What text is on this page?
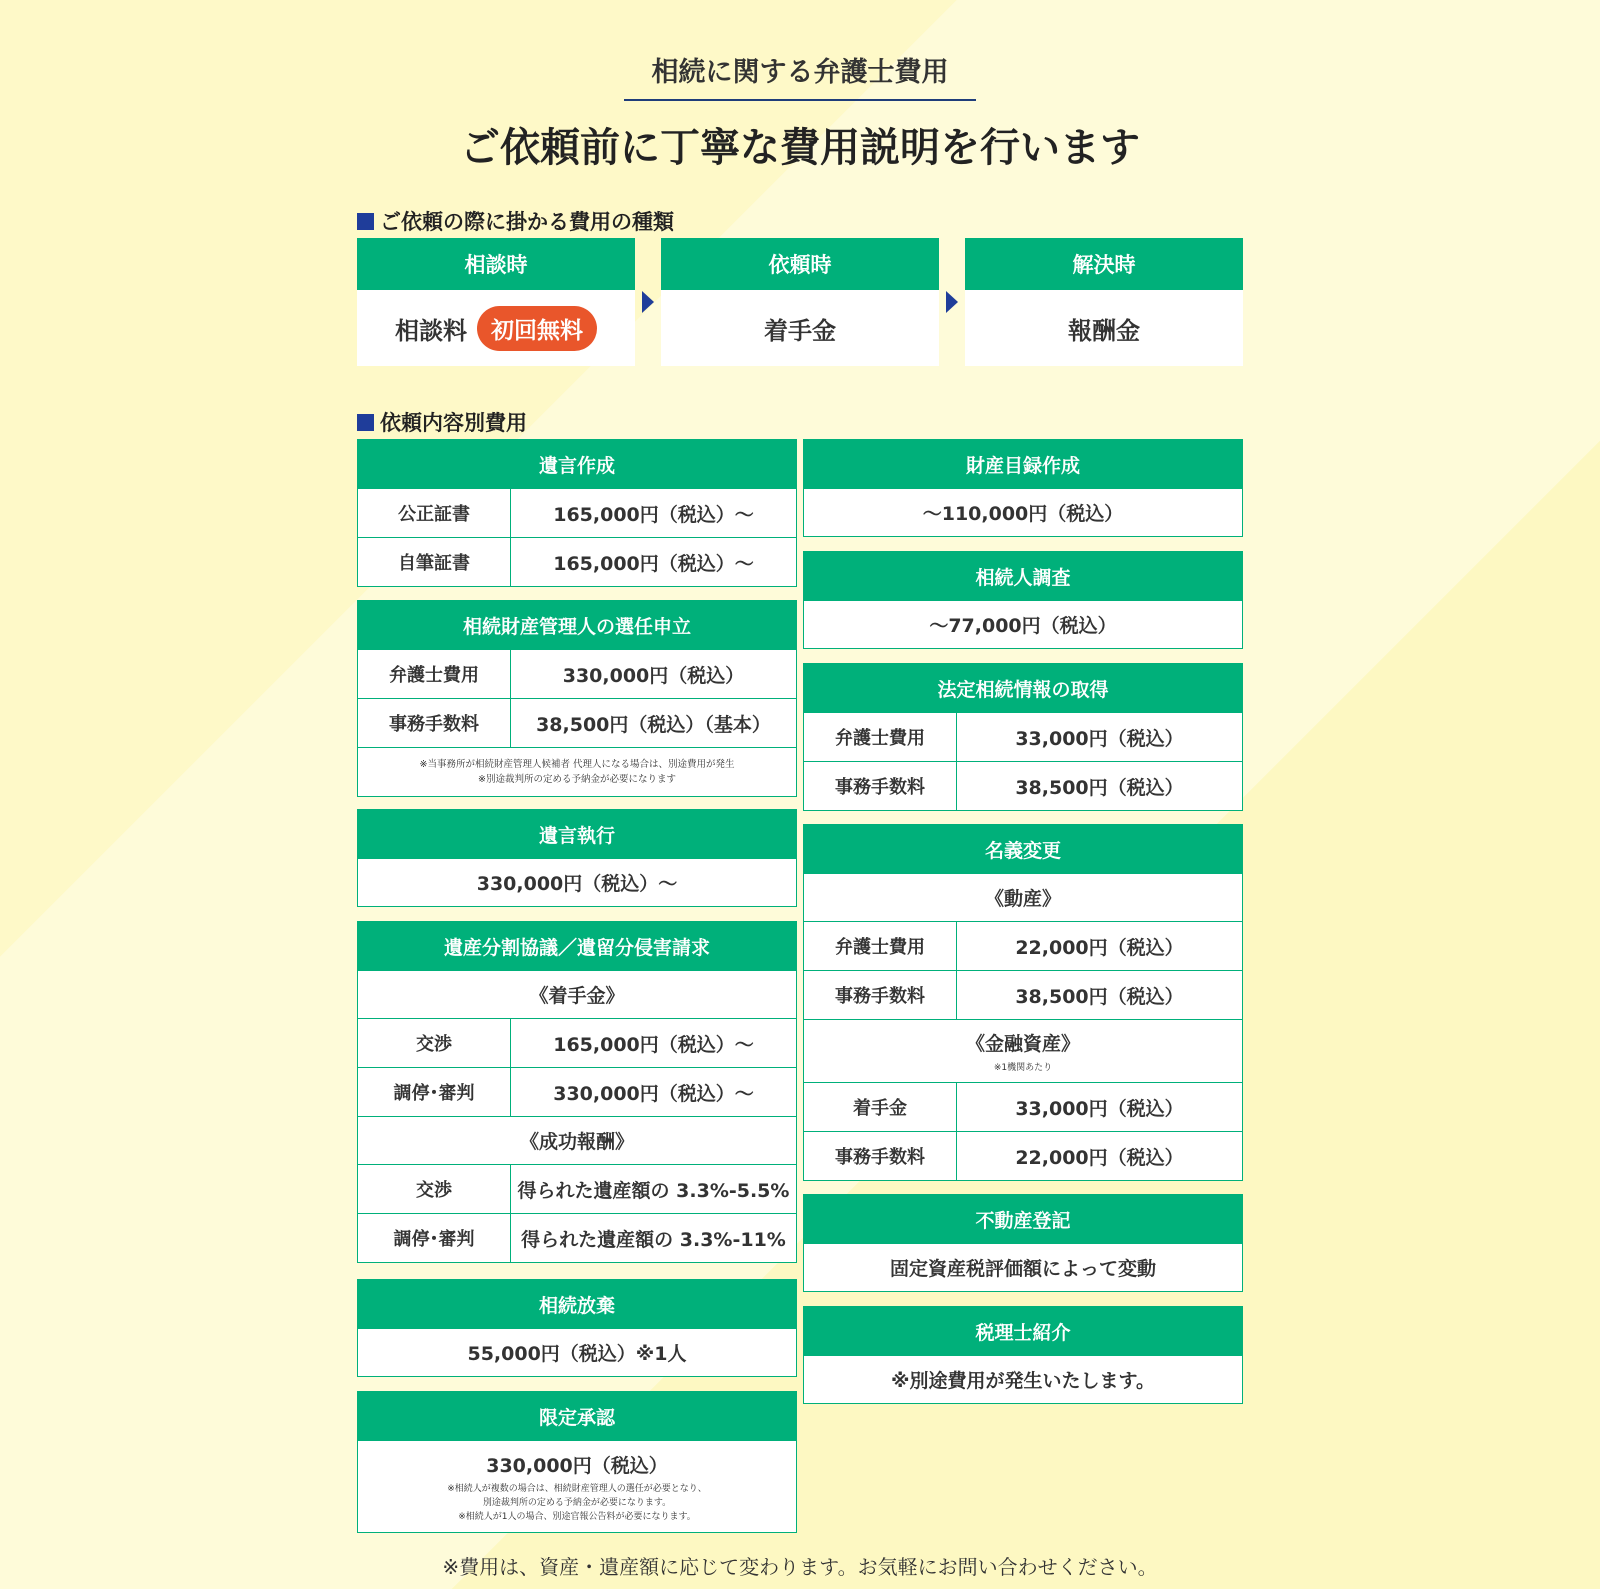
相続に関する弁護士費用
ご依頼前に丁寧な費用説明を行います
ご依頼の際に掛かる費用の種類
相談時
相談料	初回無料
依頼時
着手金
解決時
報酬金
依頼内容別費用
遺言作成
公正証書	165,000円（税込）～
自筆証書	165,000円（税込）～
相続財産管理人の選任申立
弁護士費用	330,000円（税込）
事務手数料	38,500円（税込）（基本）
※当事務所が相続財産管理人候補者 代理人になる場合は、別途費用が発生
※別途裁判所の定める予納金が必要になります
遺言執行
330,000円（税込）～
遺産分割協議／遺留分侵害請求
《着手金》
交渉	165,000円（税込）～
調停･審判	330,000円（税込）～
《成功報酬》
交渉	得られた遺産額の 3.3%-5.5%
調停･審判	得られた遺産額の 3.3%-11%
相続放棄
55,000円（税込）※1人
限定承認
330,000円（税込）
※相続人が複数の場合は、相続財産管理人の選任が必要となり、
別途裁判所の定める予納金が必要になります。
※相続人が1人の場合、別途官報公告料が必要になります。
財産目録作成
～110,000円（税込）
相続人調査
～77,000円（税込）
法定相続情報の取得
弁護士費用	33,000円（税込）
事務手数料	38,500円（税込）
名義変更
《動産》
弁護士費用	22,000円（税込）
事務手数料	38,500円（税込）
《金融資産》
※1機関あたり
着手金	33,000円（税込）
事務手数料	22,000円（税込）
不動産登記
固定資産税評価額によって変動
税理士紹介
※別途費用が発生いたします。
※費用は、資産・遺産額に応じて変わります。お気軽にお問い合わせください。
